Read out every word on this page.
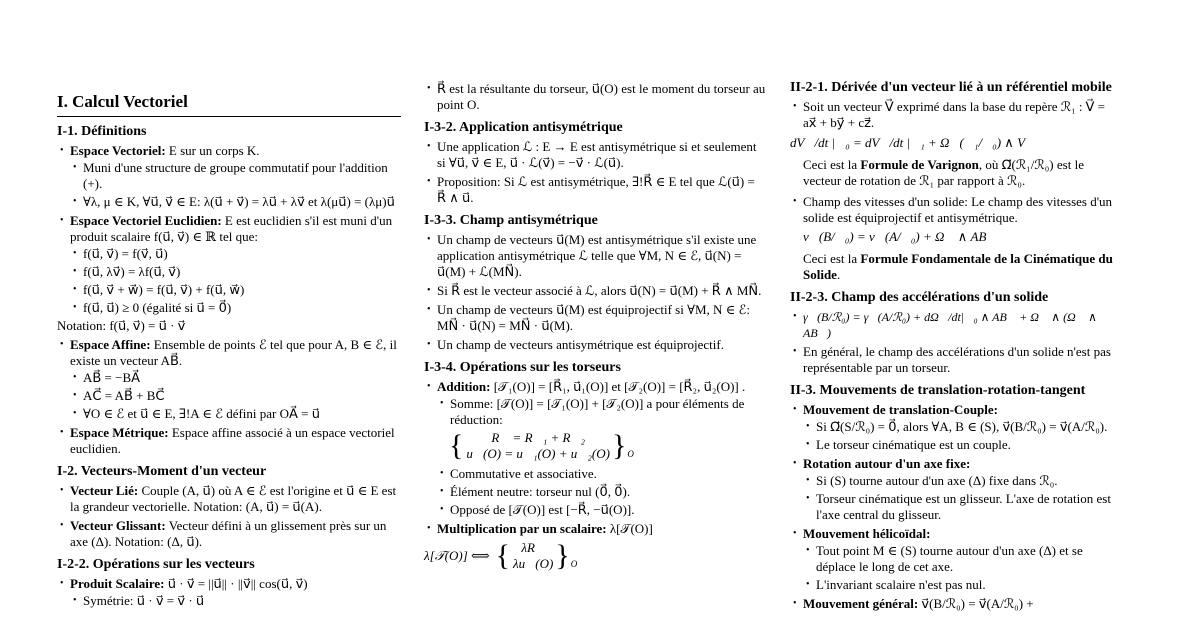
I. Calcul Vectoriel
I-1. Définitions
• Espace Vectoriel: E sur un corps K.
• Muni d'une structure de groupe commutatif pour l'addition (+).
• ∀λ, μ ∈ K, ∀u⃗, v⃗ ∈ E: λ(u⃗ + v⃗) = λu⃗ + λv⃗ et λ(μu⃗) = (λμ)u⃗
• Espace Vectoriel Euclidien: E est euclidien s'il est muni d'un produit scalaire f(u⃗, v⃗) ∈ ℝ tel que:
• f(u⃗, v⃗) = f(v⃗, u⃗)
• f(u⃗, λv⃗) = λf(u⃗, v⃗)
• f(u⃗, v⃗ + w⃗) = f(u⃗, v⃗) + f(u⃗, w⃗)
• f(u⃗, u⃗) ≥ 0 (égalité si u⃗ = 0⃗)
Notation: f(u⃗, v⃗) = u⃗ · v⃗
• Espace Affine: Ensemble de points ℰ tel que pour A, B ∈ ℰ, il existe un vecteur AB⃗.
• AB⃗ = −BA⃗
• AC⃗ = AB⃗ + BC⃗
• ∀O ∈ ℰ et u⃗ ∈ E, ∃!A ∈ ℰ défini par OA⃗ = u⃗
• Espace Métrique: Espace affine associé à un espace vectoriel euclidien.
I-2. Vecteurs-Moment d'un vecteur
• Vecteur Lié: Couple (A, u⃗) où A ∈ ℰ est l'origine et u⃗ ∈ E est la grandeur vectorielle. Notation: (A, u⃗) = u⃗(A).
• Vecteur Glissant: Vecteur défini à un glissement près sur un axe (Δ). Notation: (Δ, u⃗).
I-2-2. Opérations sur les vecteurs
• Produit Scalaire: u⃗ · v⃗ = ||u⃗|| · ||v⃗|| cos(u⃗, v⃗)
• Symétrie: u⃗ · v⃗ = v⃗ · u⃗
• R⃗ est la résultante du torseur, u⃗(O) est le moment du torseur au point O.
I-3-2. Application antisymétrique
• Une application ℒ : E → E est antisymétrique si et seulement si ∀u⃗, v⃗ ∈ E, u⃗ · ℒ(v⃗) = −v⃗ · ℒ(u⃗).
• Proposition: Si ℒ est antisymétrique, ∃!R⃗ ∈ E tel que ℒ(u⃗) = R⃗ ∧ u⃗.
I-3-3. Champ antisymétrique
• Un champ de vecteurs u⃗(M) est antisymétrique s'il existe une application antisymétrique ℒ telle que ∀M, N ∈ ℰ, u⃗(N) = u⃗(M) + ℒ(MN⃗).
• Si R⃗ est le vecteur associé à ℒ, alors u⃗(N) = u⃗(M) + R⃗ ∧ MN⃗.
• Un champ de vecteurs u⃗(M) est équiprojectif si ∀M, N ∈ ℰ: MN⃗ · u⃗(N) = MN⃗ · u⃗(M).
• Un champ de vecteurs antisymétrique est équiprojectif.
I-3-4. Opérations sur les torseurs
• Addition: [𝒯₁(O)] = [R⃗₁, u⃗₁(O)] et [𝒯₂(O)] = [R⃗₂, u⃗₂(O)] .
• Somme: [𝒯(O)] = [𝒯₁(O)] + [𝒯₂(O)] a pour éléments de réduction:
{	R⃗ = R⃗₁ + R⃗₂
u⃗(O) = u⃗₁(O) + u⃗₂(O) } O
• Commutative et associative.
• Élément neutre: torseur nul (0⃗, 0⃗).
• Opposé de [𝒯(O)] est [−R⃗, −u⃗(O)].
• Multiplication par un scalaire: λ[𝒯(O)]
λ[𝒯(O)] ⟺ { λR⃗
λu⃗(O) } O
II-2-1. Dérivée d'un vecteur lié à un référentiel mobile
• Soit un vecteur V⃗ exprimé dans la base du repère ℛ₁ : V⃗ = ax⃗ + by⃗ + cz⃗.
dV⃗/dt |ℛ₀ = dV⃗/dt |ℛ₁ + Ω⃗(ℛ₁/ℛ₀) ∧ V⃗
Ceci est la Formule de Varignon, où Ω⃗(ℛ₁/ℛ₀) est le vecteur de rotation de ℛ₁ par rapport à ℛ₀.
• Champ des vitesses d'un solide: Le champ des vitesses d'un solide est équiprojectif et antisymétrique.
v⃗(B/ℛ₀) = v⃗(A/ℛ₀) + Ω⃗ ∧ AB⃗
Ceci est la Formule Fondamentale de la Cinématique du Solide.
II-2-3. Champ des accélérations d'un solide
• γ⃗(B/ℛ₀) = γ⃗(A/ℛ₀) + dΩ⃗/dt|ℛ₀ ∧ AB⃗ + Ω⃗ ∧ (Ω⃗ ∧ AB⃗)
• En général, le champ des accélérations d'un solide n'est pas représentable par un torseur.
II-3. Mouvements de translation-rotation-tangent
• Mouvement de translation-Couple:
• Si Ω⃗(S/ℛ₀) = 0⃗, alors ∀A, B ∈ (S), v⃗(B/ℛ₀) = v⃗(A/ℛ₀).
• Le torseur cinématique est un couple.
• Rotation autour d'un axe fixe:
• Si (S) tourne autour d'un axe (Δ) fixe dans ℛ₀.
• Torseur cinématique est un glisseur. L'axe de rotation est l'axe central du glisseur.
• Mouvement hélicoïdal:
• Tout point M ∈ (S) tourne autour d'un axe (Δ) et se déplace le long de cet axe.
• L'invariant scalaire n'est pas nul.
• Mouvement général: v⃗(B/ℛ₀) = v⃗(A/ℛ₀) +
